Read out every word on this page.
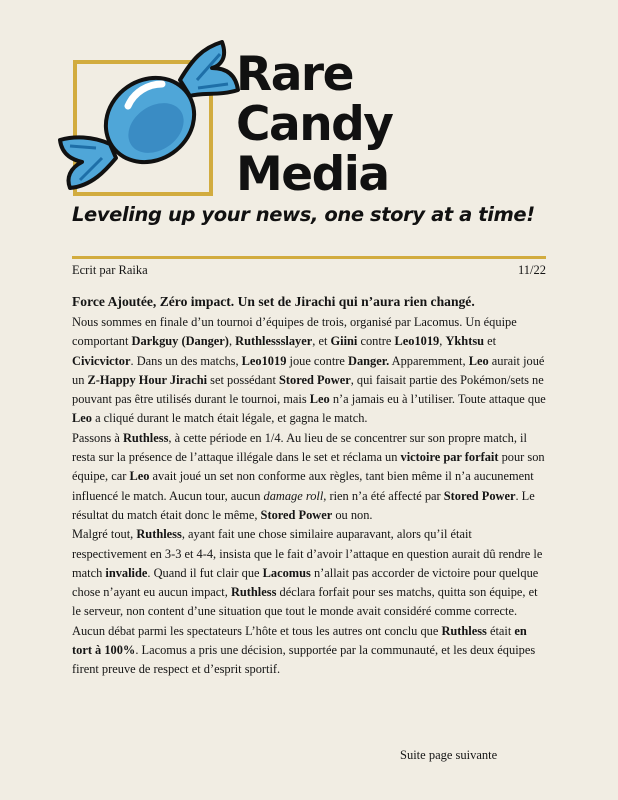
Rare
Candy
Media
Leveling up your news, one story at a time!
Ecrit par Raika	11/22
Force Ajoutée, Zéro impact. Un set de Jirachi qui n’aura rien changé.

Nous sommes en finale d’un tournoi d’équipes de trois, organisé par Lacomus. Un équipe comportant Darkguy (Danger), Ruthlessslayer, et Giini contre Leo1019, Ykhtsu et Civicvictor. Dans un des matchs, Leo1019 joue contre Danger. Apparemment, Leo aurait joué un Z-Happy Hour Jirachi set possédant Stored Power, qui faisait partie des Pokémon/sets ne pouvant pas être utilisés durant le tournoi, mais Leo n’a jamais eu à l’utiliser. Toute attaque que Leo a cliqué durant le match était légale, et gagna le match.

Passons à Ruthless, à cette période en 1/4. Au lieu de se concentrer sur son propre match, il resta sur la présence de l’attaque illégale dans le set et réclama un victoire par forfait pour son équipe, car Leo avait joué un set non conforme aux règles, tant bien même il n’a aucunement influencé le match. Aucun tour, aucun damage roll, rien n’a été affecté par Stored Power. Le résultat du match était donc le même, Stored Power ou non.

Malgré tout, Ruthless, ayant fait une chose similaire auparavant, alors qu’il était respectivement en 3-3 et 4-4, insista que le fait d’avoir l’attaque en question aurait dû rendre le match invalide. Quand il fut clair que Lacomus n’allait pas accorder de victoire pour quelque chose n’ayant eu aucun impact, Ruthless déclara forfait pour ses matchs, quitta son équipe, et le serveur, non content d’une situation que tout le monde avait considéré comme correcte.

Aucun débat parmi les spectateurs L’hôte et tous les autres ont conclu que Ruthless était en tort à 100%. Lacomus a pris une décision, supportée par la communauté, et les deux équipes firent preuve de respect et d’esprit sportif.

Suite page suivante
